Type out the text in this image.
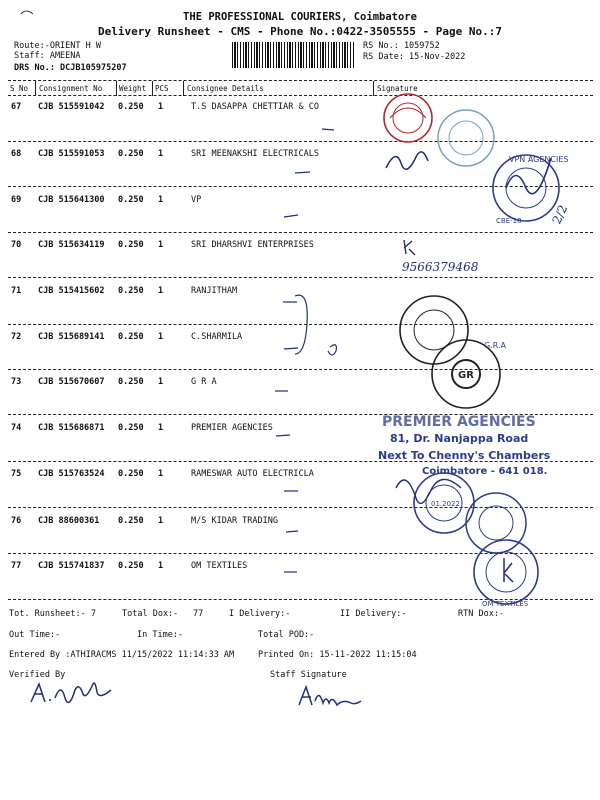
THE PROFESSIONAL COURIERS, Coimbatore
Delivery Runsheet - CMS - Phone No.:0422-3505555 - Page No.:7
Route:-ORIENT H W
Staff: AMEENA
DRS No.: DCJB105975207
RS No.: 1059752
RS Date: 15-Nov-2022
S No Consignment No Weight PCS Consignee Details	Signature
67 CJB 515591042 0.250 1	T.S DASAPPA CHETTIAR & CO
68 CJB 515591053 0.250 1	SRI MEENAKSHI ELECTRICALS
69 CJB 515641300 0.250 1	VP
70 CJB 515634119 0.250 1	SRI DHARSHVI ENTERPRISES
71 CJB 515415602 0.250 1	RANJITHAM
72 CJB 515689141 0.250 1	C.SHARMILA
73 CJB 515670607 0.250 1	G R A
74 CJB 515686871 0.250 1	PREMIER AGENCIES
75 CJB 515763524 0.250 1	RAMESWAR AUTO ELECTRICLA
76 CJB 88600361 0.250 1	M/S KIDAR TRADING
77 CJB 515741837 0.250 1	OM TEXTILES
VPN AGENCIES
CBE-18 2/2
9566379468
GR
G.R.A
PREMIER AGENCIES
81, Dr. Nanjappa Road
Next To Chenny's Chambers
Coimbatore - 641 018.
01.2022
OM TEXTILES
Tot. Runsheet:- 7	Total Dox:- 77	I Delivery:-	II Delivery:-	RTN Dox:-
Out Time:-	In Time:-	Total POD:-
Entered By :ATHIRACMS 11/15/2022 11:14:33 AM	Printed On: 15-11-2022 11:15:04
Verified By	Staff Signature
